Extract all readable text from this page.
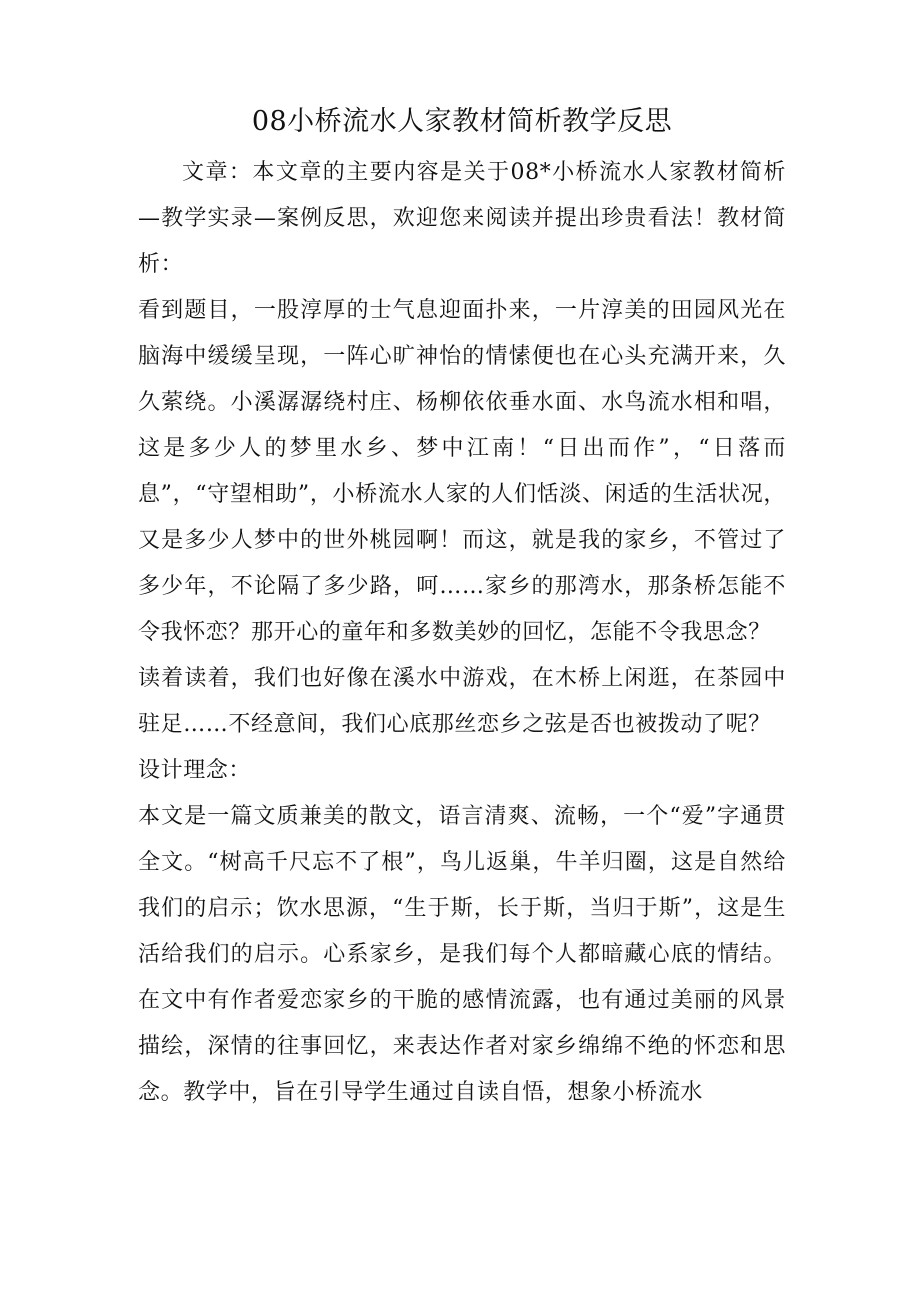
08小桥流水人家教材简析教学反思

文章：本文章的主要内容是关于08*小桥流水人家教材简析—教学实录—案例反思，欢迎您来阅读并提出珍贵看法！教材简析：

看到题目，一股淳厚的士气息迎面扑来，一片淳美的田园风光在脑海中缓缓呈现，一阵心旷神怡的情愫便也在心头充满开来，久久萦绕。小溪潺潺绕村庄、杨柳依依垂水面、水鸟流水相和唱，这是多少人的梦里水乡、梦中江南！“日出而作”，“日落而息”，“守望相助”，小桥流水人家的人们恬淡、闲适的生活状况，又是多少人梦中的世外桃园啊！而这，就是我的家乡，不管过了多少年，不论隔了多少路，呵……家乡的那湾水，那条桥怎能不令我怀恋？那开心的童年和多数美妙的回忆，怎能不令我思念？

读着读着，我们也好像在溪水中游戏，在木桥上闲逛，在茶园中驻足……不经意间，我们心底那丝恋乡之弦是否也被拨动了呢？

设计理念：

本文是一篇文质兼美的散文，语言清爽、流畅，一个“爱”字通贯全文。“树高千尺忘不了根”，鸟儿返巢，牛羊归圈，这是自然给我们的启示；饮水思源，“生于斯，长于斯，当归于斯”，这是生活给我们的启示。心系家乡，是我们每个人都暗藏心底的情结。在文中有作者爱恋家乡的干脆的感情流露，也有通过美丽的风景描绘，深情的往事回忆，来表达作者对家乡绵绵不绝的怀恋和思念。教学中，旨在引导学生通过自读自悟，想象小桥流水
